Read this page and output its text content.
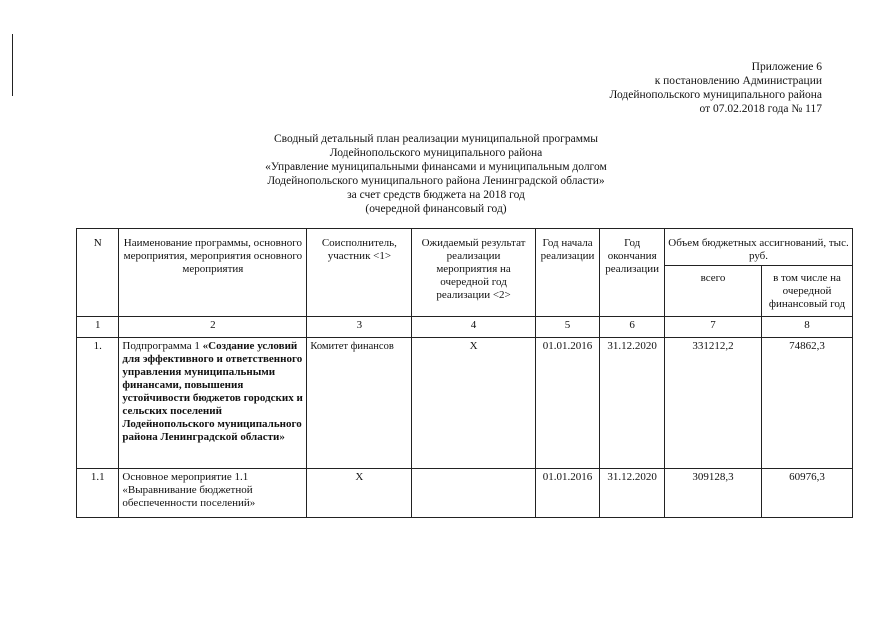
Приложение 6
к постановлению Администрации
Лодейнопольского муниципального района
от 07.02.2018 года № 117
Сводный детальный план реализации муниципальной программы
Лодейнопольского муниципального района
«Управление муниципальными финансами и муниципальным долгом
Лодейнопольского муниципального района Ленинградской области»
за счет средств бюджета на 2018 год
(очередной финансовый год)
N	Наименование программы, основного мероприятия, мероприятия основного мероприятия	Соисполнитель, участник <1>	Ожидаемый результат реализации мероприятия на очередной год реализации <2>	Год начала реализации	Год окончания реализации	Объем бюджетных ассигнований, тыс. руб.	
						всего	в том числе на очередной финансовый год
1	2	3	4	5	6	7	8
1.	Подпрограмма 1 «Создание условий для эффективного и ответственного управления муниципальными финансами, повышения устойчивости бюджетов городских и сельских поселений Лодейнопольского муниципального района Ленинградской области»	Комитет финансов	Х	01.01.2016	31.12.2020	331212,2	74862,3
1.1	Основное мероприятие 1.1 «Выравнивание бюджетной обеспеченности поселений»	Х		01.01.2016	31.12.2020	309128,3	60976,3
